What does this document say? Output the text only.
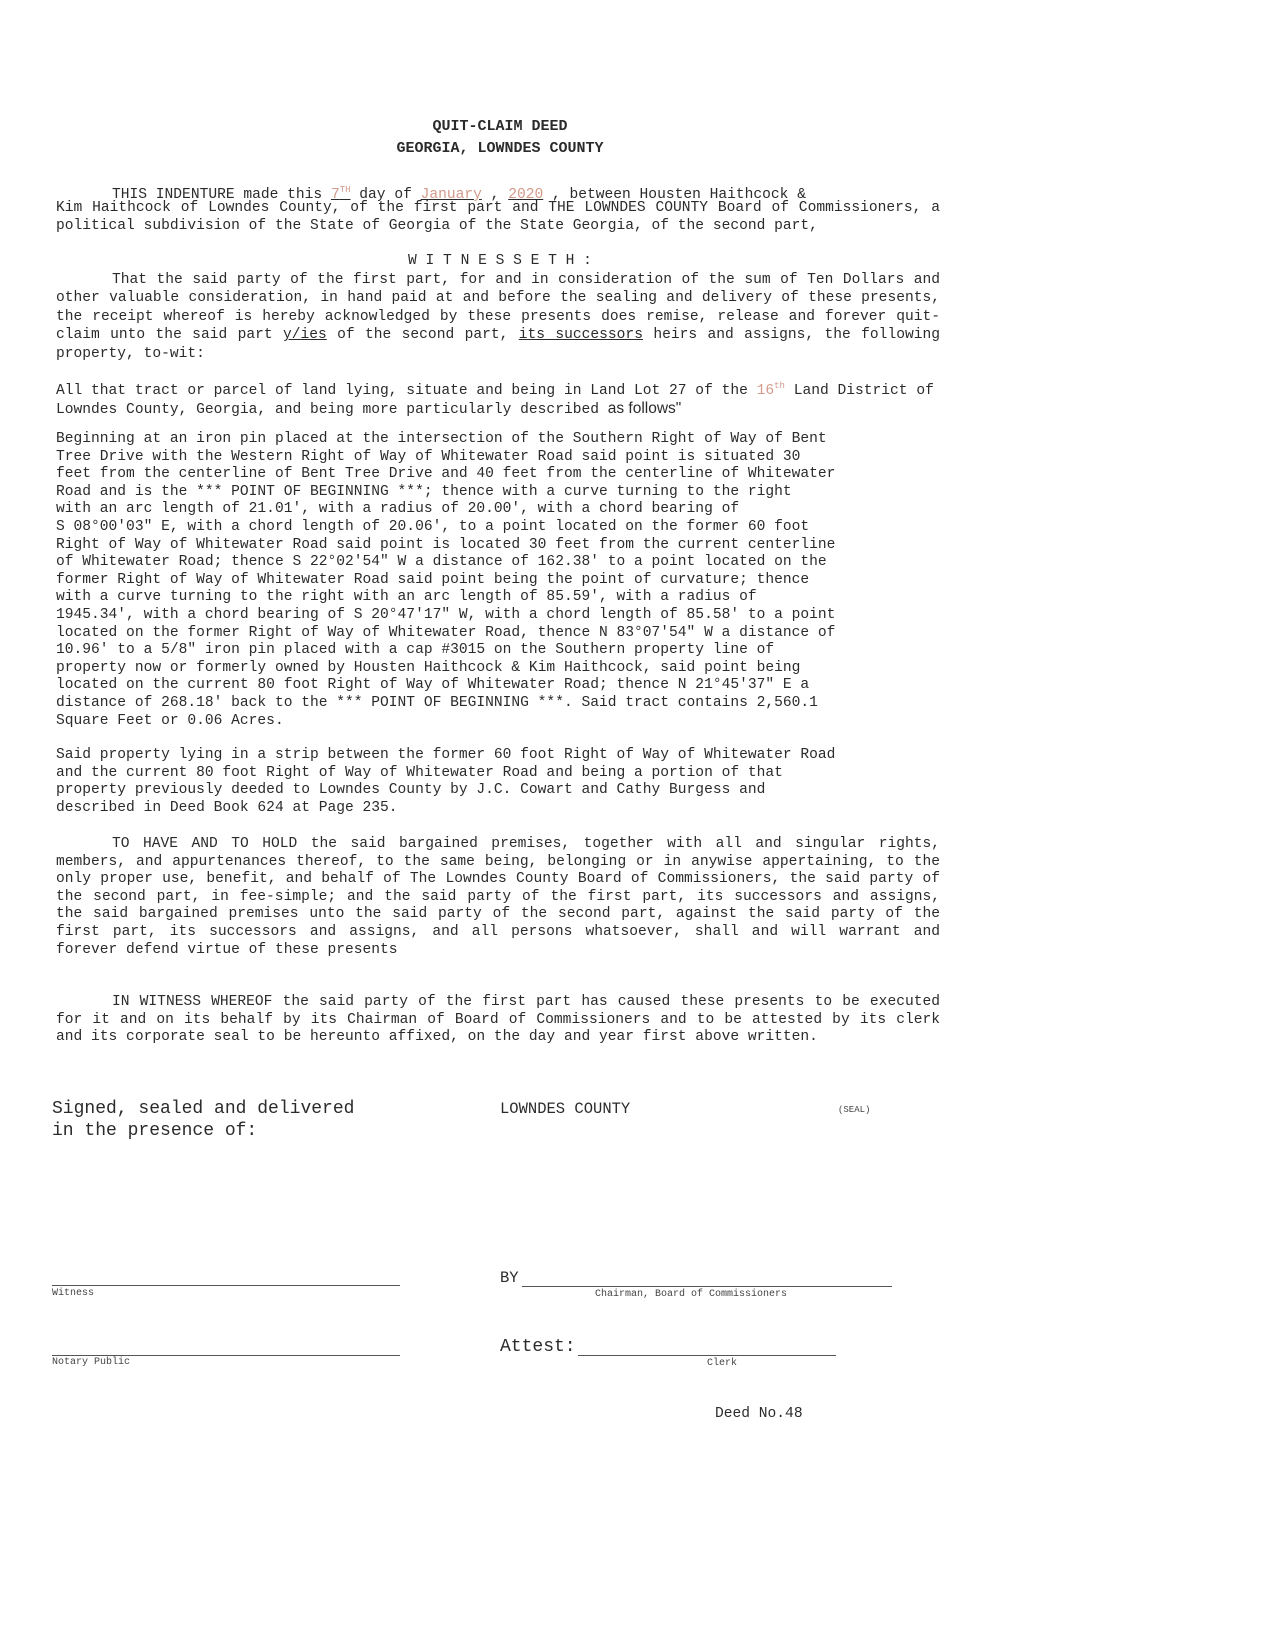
QUIT-CLAIM DEED
GEORGIA, LOWNDES COUNTY
THIS INDENTURE made this 7TH day of January , 2020 , between Housten Haithcock &
Kim Haithcock of Lowndes County, of the first part and THE LOWNDES COUNTY Board of Commissioners, a political subdivision of the State of Georgia of the State Georgia, of the second part,
W I T N E S S E T H :
That the said party of the first part, for and in consideration of the sum of Ten Dollars and other valuable consideration, in hand paid at and before the sealing and delivery of these presents, the receipt whereof is hereby acknowledged by these presents does remise, release and forever quit-claim unto the said part y/ies of the second part, its successors heirs and assigns, the following property, to-wit:
All that tract or parcel of land lying, situate and being in Land Lot 27 of the 16th Land District of Lowndes County, Georgia, and being more particularly described as follows"
Beginning at an iron pin placed at the intersection of the Southern Right of Way of Bent
Tree Drive with the Western Right of Way of Whitewater Road said point is situated 30
feet from the centerline of Bent Tree Drive and 40 feet from the centerline of Whitewater
Road and is the *** POINT OF BEGINNING ***; thence with a curve turning to the right
with an arc length of 21.01', with a radius of 20.00', with a chord bearing of
S 08°00'03" E, with a chord length of 20.06', to a point located on the former 60 foot
Right of Way of Whitewater Road said point is located 30 feet from the current centerline
of Whitewater Road; thence S 22°02'54" W a distance of 162.38' to a point located on the
former Right of Way of Whitewater Road said point being the point of curvature; thence
with a curve turning to the right with an arc length of 85.59', with a radius of
1945.34', with a chord bearing of S 20°47'17" W, with a chord length of 85.58' to a point
located on the former Right of Way of Whitewater Road, thence N 83°07'54" W a distance of
10.96' to a 5/8" iron pin placed with a cap #3015 on the Southern property line of
property now or formerly owned by Housten Haithcock & Kim Haithcock, said point being
located on the current 80 foot Right of Way of Whitewater Road; thence N 21°45'37" E a
distance of 268.18' back to the *** POINT OF BEGINNING ***. Said tract contains 2,560.1
Square Feet or 0.06 Acres.
Said property lying in a strip between the former 60 foot Right of Way of Whitewater Road
and the current 80 foot Right of Way of Whitewater Road and being a portion of that
property previously deeded to Lowndes County by J.C. Cowart and Cathy Burgess and
described in Deed Book 624 at Page 235.
TO HAVE AND TO HOLD the said bargained premises, together with all and singular rights, members, and appurtenances thereof, to the same being, belonging or in anywise appertaining, to the only proper use, benefit, and behalf of The Lowndes County Board of Commissioners, the said party of the second part, in fee-simple; and the said party of the first part, its successors and assigns, the said bargained premises unto the said party of the second part, against the said party of the first part, its successors and assigns, and all persons whatsoever, shall and will warrant and forever defend virtue of these presents
IN WITNESS WHEREOF the said party of the first part has caused these presents to be executed for it and on its behalf by its Chairman of Board of Commissioners and to be attested by its clerk and its corporate seal to be hereunto affixed, on the day and year first above written.
Signed, sealed and delivered
in the presence of:
LOWNDES COUNTY	(SEAL)
Witness
BY
Chairman, Board of Commissioners
Notary Public
Attest:
Clerk
Deed No.48
